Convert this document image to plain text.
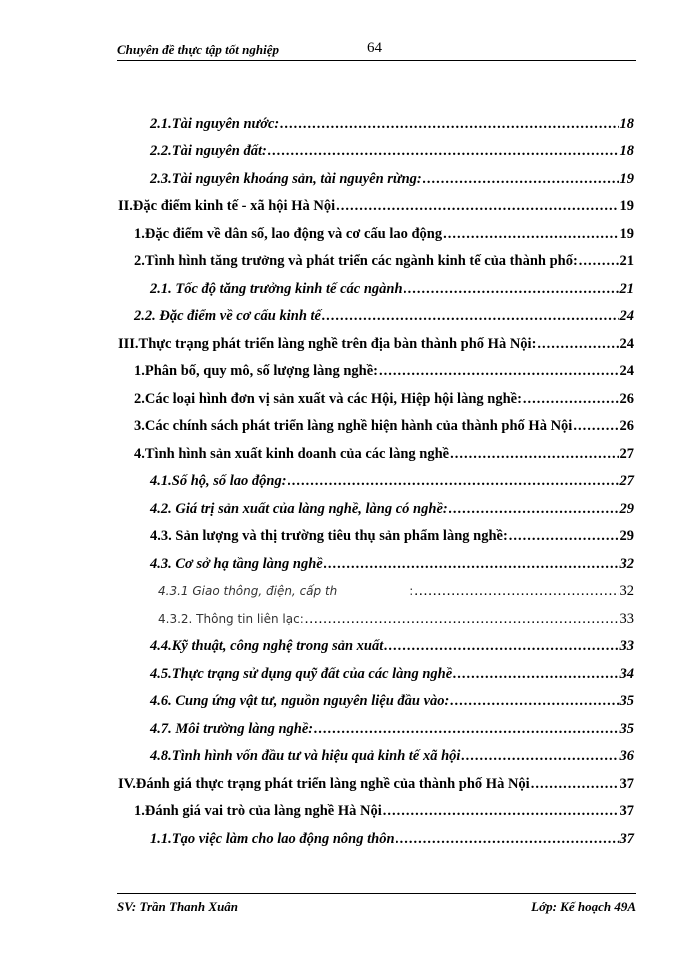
Chuyên đề thực tập tốt nghiệp	64
2.1.Tài nguyên nước: .....	18
2.2.Tài nguyên đất: .....	18
2.3.Tài nguyên khoáng sản, tài nguyên rừng: .....	19
II.Đặc điểm kinh tế - xã hội Hà Nội .....	19
1.Đặc điểm về dân số, lao động và cơ cấu lao động .....	19
2.Tình hình tăng trưởng và phát triển các ngành kinh tế của thành phố: .....	21
2.1. Tốc độ tăng trưởng kinh tế các ngành .....	21
2.2. Đặc điểm về cơ cấu kinh tế .....	24
III.Thực trạng phát triển làng nghề trên địa bàn thành phố Hà Nội: .....	24
1.Phân bố, quy mô, số lượng làng nghề: .....	24
2.Các loại hình đơn vị sản xuất và các Hội, Hiệp hội làng nghề: .....	26
3.Các chính sách phát triển làng nghề hiện hành của thành phố Hà Nội .....	26
4.Tình hình sản xuất kinh doanh của các làng nghề .....	27
4.1.Số hộ, số lao động: .....	27
4.2. Giá trị sản xuất của làng nghề, làng có nghề: .....	29
4.3. Sản lượng và thị trường tiêu thụ sản phẩm làng nghề: .....	29
4.3. Cơ sở hạ tầng làng nghề .....	32
4.3.1 Giao thông, điện, cấp th	: .....	32
4.3.2. Thông tin liên lạc: .....	33
4.4.Kỹ thuật, công nghệ trong sản xuất .....	33
4.5.Thực trạng sử dụng quỹ đất của các làng nghề .....	34
4.6. Cung ứng vật tư, nguồn nguyên liệu đầu vào: .....	35
4.7. Môi trường làng nghề: .....	35
4.8.Tình hình vốn đầu tư và hiệu quả kinh tế xã hội .....	36
IV.Đánh giá thực trạng phát triển làng nghề của thành phố Hà Nội .....	37
1.Đánh giá vai trò của làng nghề Hà Nội .....	37
1.1.Tạo việc làm cho lao động nông thôn .....	37
SV: Trần Thanh Xuân	Lớp: Kế hoạch 49A
